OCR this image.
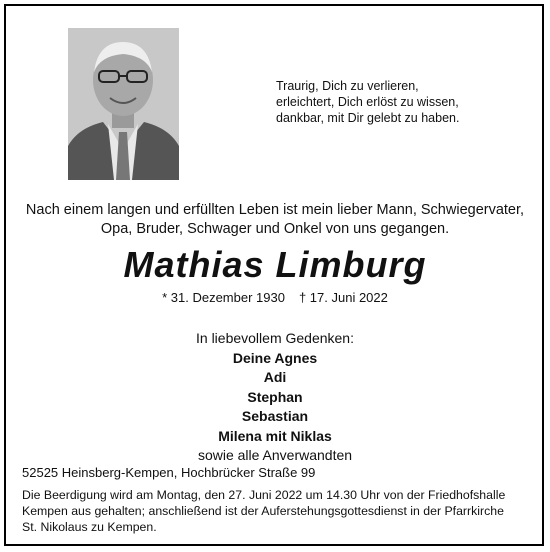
Traurig, Dich zu verlieren,
erleichtert, Dich erlöst zu wissen,
dankbar, mit Dir gelebt zu haben.
Nach einem langen und erfüllten Leben ist mein lieber Mann, Schwiegervater,
Opa, Bruder, Schwager und Onkel von uns gegangen.
Mathias Limburg
* 31. Dezember 1930 † 17. Juni 2022
In liebevollem Gedenken:
Deine Agnes
Adi
Stephan
Sebastian
Milena mit Niklas
sowie alle Anverwandten
52525 Heinsberg-Kempen, Hochbrücker Straße 99
Die Beerdigung wird am Montag, den 27. Juni 2022 um 14.30 Uhr von der Friedhofshalle
Kempen aus gehalten; anschließend ist der Auferstehungsgottesdienst in der Pfarrkirche
St. Nikolaus zu Kempen.
